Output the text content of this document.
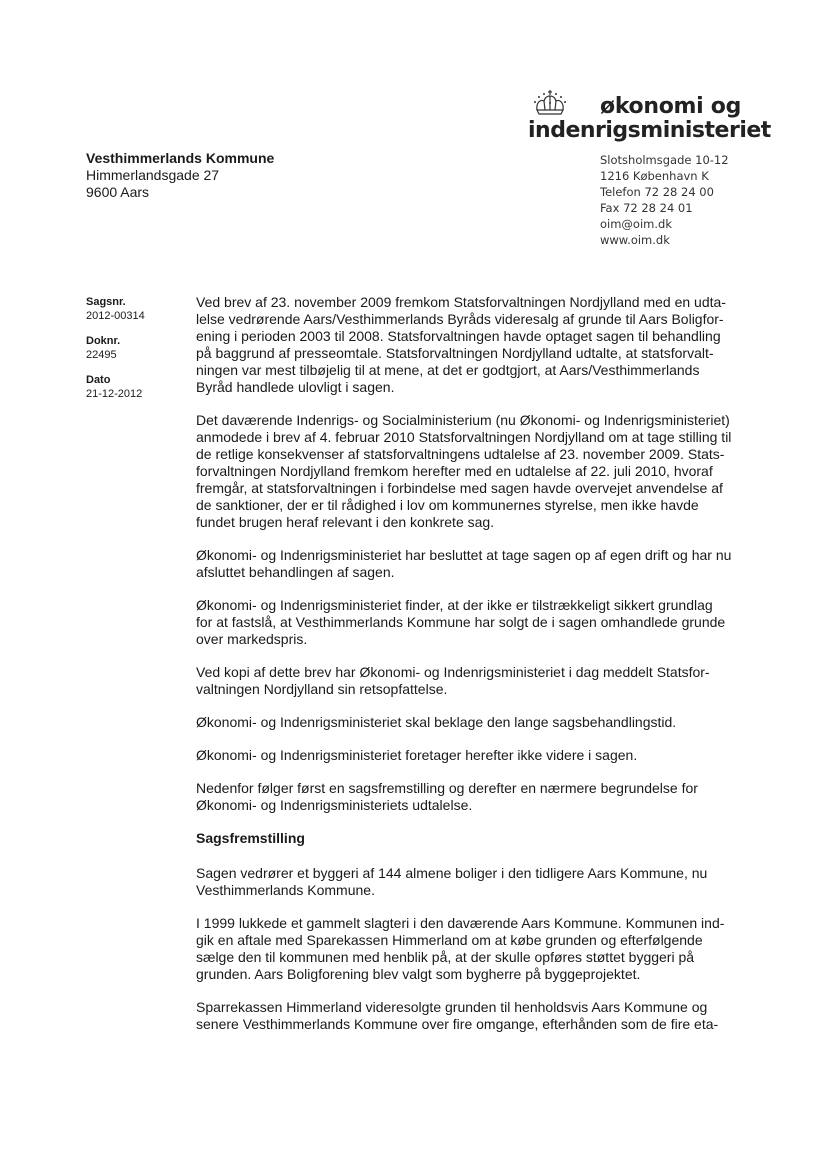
økonomi og
indenrigsministeriet
Vesthimmerlands Kommune
Himmerlandsgade 27
9600 Aars
Slotsholmsgade 10-12
1216 København K
Telefon 72 28 24 00
Fax 72 28 24 01
oim@oim.dk
www.oim.dk
Sagsnr.
2012-00314
Doknr.
22495
Dato
21-12-2012

Ved brev af 23. november 2009 fremkom Statsforvaltningen Nordjylland med en udta-
lelse vedrørende Aars/Vesthimmerlands Byråds videresalg af grunde til Aars Boligfor-
ening i perioden 2003 til 2008. Statsforvaltningen havde optaget sagen til behandling
på baggrund af presseomtale. Statsforvaltningen Nordjylland udtalte, at statsforvalt-
ningen var mest tilbøjelig til at mene, at det er godtgjort, at Aars/Vesthimmerlands
Byråd handlede ulovligt i sagen.

Det daværende Indenrigs- og Socialministerium (nu Økonomi- og Indenrigsministeriet)
anmodede i brev af 4. februar 2010 Statsforvaltningen Nordjylland om at tage stilling til
de retlige konsekvenser af statsforvaltningens udtalelse af 23. november 2009. Stats-
forvaltningen Nordjylland fremkom herefter med en udtalelse af 22. juli 2010, hvoraf
fremgår, at statsforvaltningen i forbindelse med sagen havde overvejet anvendelse af
de sanktioner, der er til rådighed i lov om kommunernes styrelse, men ikke havde
fundet brugen heraf relevant i den konkrete sag.

Økonomi- og Indenrigsministeriet har besluttet at tage sagen op af egen drift og har nu
afsluttet behandlingen af sagen.

Økonomi- og Indenrigsministeriet finder, at der ikke er tilstrækkeligt sikkert grundlag
for at fastslå, at Vesthimmerlands Kommune har solgt de i sagen omhandlede grunde
over markedspris.

Ved kopi af dette brev har Økonomi- og Indenrigsministeriet i dag meddelt Statsfor-
valtningen Nordjylland sin retsopfattelse.

Økonomi- og Indenrigsministeriet skal beklage den lange sagsbehandlingstid.

Økonomi- og Indenrigsministeriet foretager herefter ikke videre i sagen.

Nedenfor følger først en sagsfremstilling og derefter en nærmere begrundelse for
Økonomi- og Indenrigsministeriets udtalelse.

Sagsfremstilling

Sagen vedrører et byggeri af 144 almene boliger i den tidligere Aars Kommune, nu
Vesthimmerlands Kommune.

I 1999 lukkede et gammelt slagteri i den daværende Aars Kommune. Kommunen ind-
gik en aftale med Sparekassen Himmerland om at købe grunden og efterfølgende
sælge den til kommunen med henblik på, at der skulle opføres støttet byggeri på
grunden. Aars Boligforening blev valgt som bygherre på byggeprojektet.

Sparrekassen Himmerland videresolgte grunden til henholdsvis Aars Kommune og
senere Vesthimmerlands Kommune over fire omgange, efterhånden som de fire eta-
